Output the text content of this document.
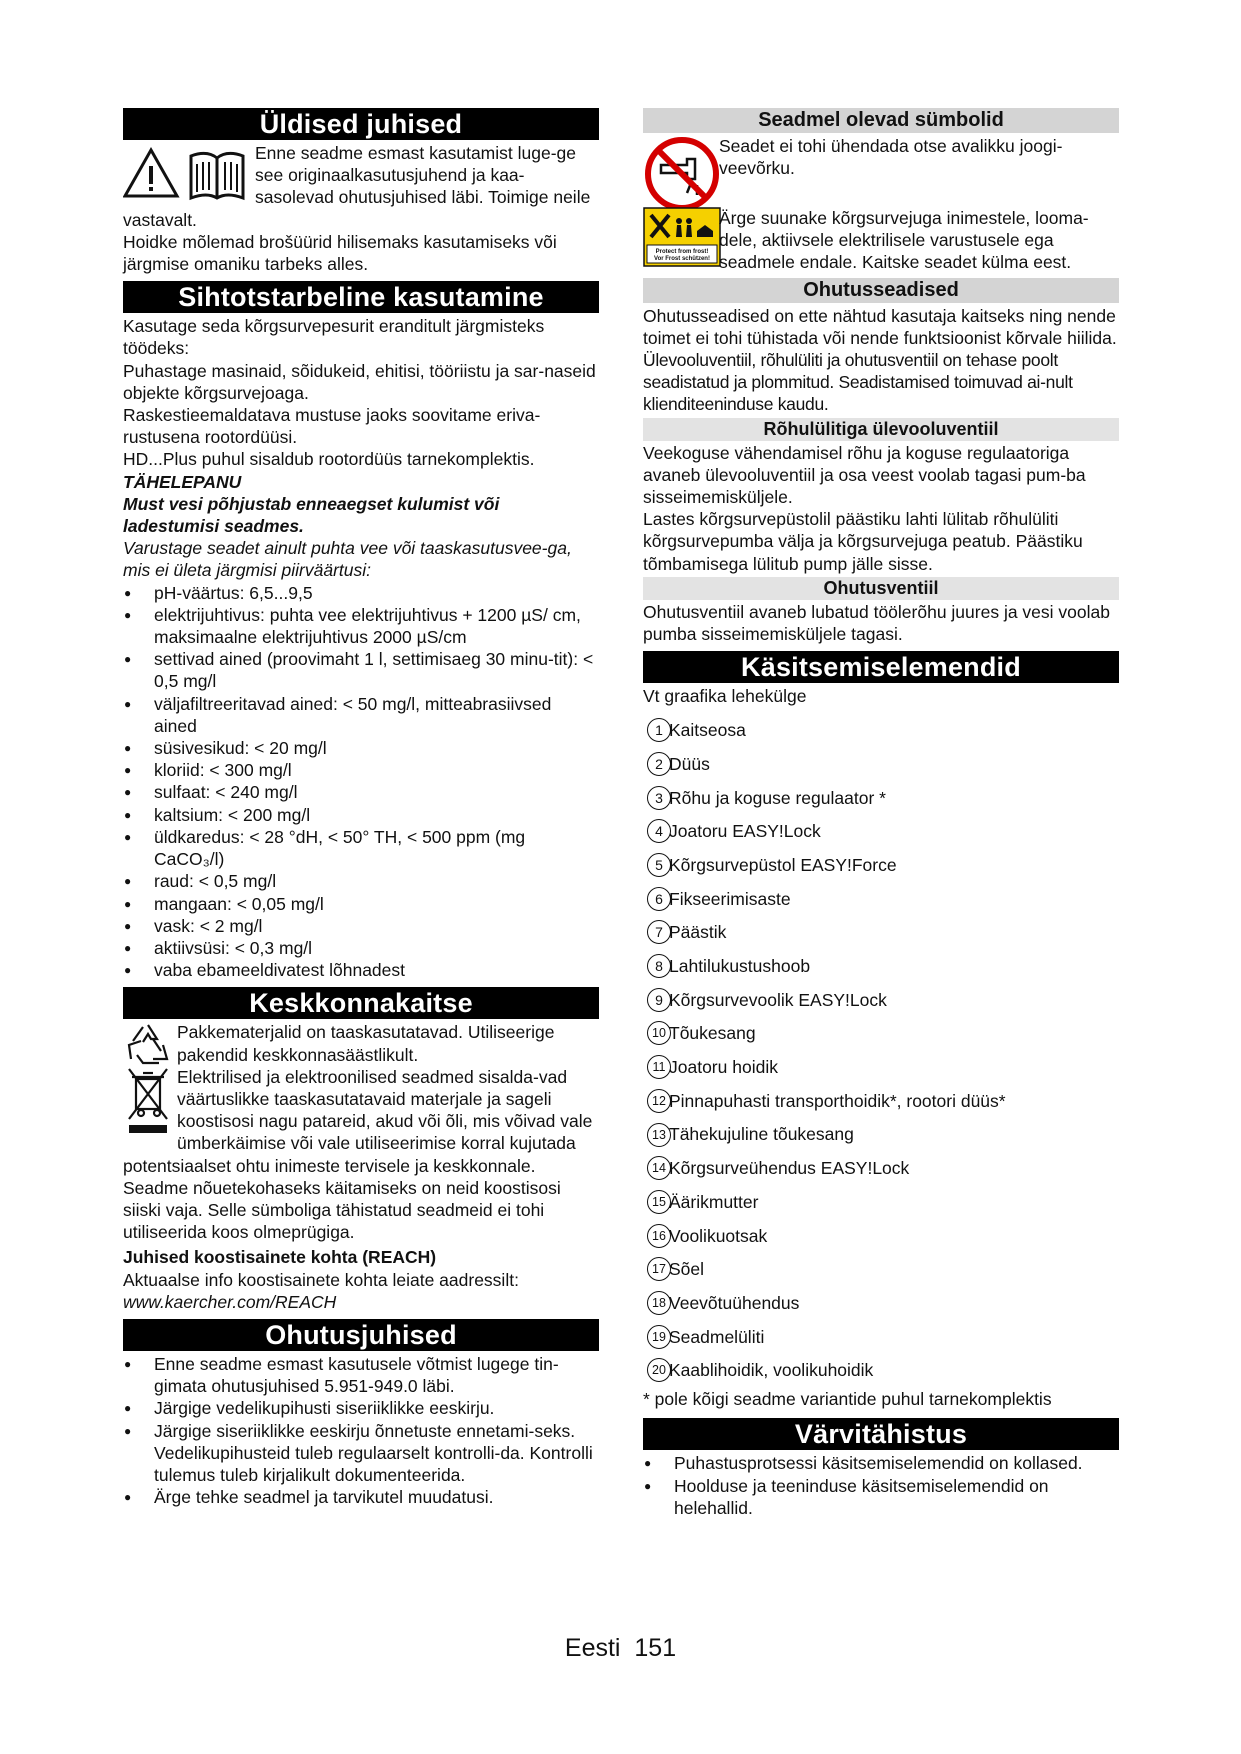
Üldised juhised

Enne seadme esmast kasutamist luge-ge see originaalkasutusjuhend ja kaa-sasolevad ohutusjuhised läbi. Toimige neile vastavalt.

Hoidke mõlemad brošüürid hilisemaks kasutamiseks või järgmise omaniku tarbeks alles.

Sihtotstarbeline kasutamine

Kasutage seda kõrgsurvepesurit eranditult järgmisteks töödeks:

Puhastage masinaid, sõidukeid, ehitisi, tööriistu ja sar-naseid objekte kõrgsurvejoaga.

Raskestieemaldatava mustuse jaoks soovitame eriva-rustusena rootordüüsi.

HD...Plus puhul sisaldub rootordüüs tarnekomplektis.

TÄHELEPANU

Must vesi põhjustab enneaegset kulumist või ladestumisi seadmes.

Varustage seadet ainult puhta vee või taaskasutusvee-ga, mis ei ületa järgmisi piirväärtusi:

● pH-väärtus: 6,5...9,5
● elektrijuhtivus: puhta vee elektrijuhtivus + 1200 µS/ cm, maksimaalne elektrijuhtivus 2000 µS/cm
● settivad ained (proovimaht 1 l, settimisaeg 30 minu-tit): < 0,5 mg/l
● väljafiltreeritavad ained: < 50 mg/l, mitteabrasiivsed ained
● süsivesikud: < 20 mg/l
● kloriid: < 300 mg/l
● sulfaat: < 240 mg/l
● kaltsium: < 200 mg/l
● üldkaredus: < 28 °dH, < 50° TH, < 500 ppm (mg CaCO₃/l)
● raud: < 0,5 mg/l
● mangaan: < 0,05 mg/l
● vask: < 2 mg/l
● aktiivsüsi: < 0,3 mg/l
● vaba ebameeldivatest lõhnadest
Keskkonnakaitse

Pakkematerjalid on taaskasutatavad. Utiliseerige pakendid keskkonnasäästlikult.

Elektrilised ja elektroonilised seadmed sisalda-vad väärtuslikke taaskasutatavaid materjale ja sageli koostisosi nagu patareid, akud või õli, mis võivad vale ümberkäimise või vale utiliseerimise korral kujutada potentsiaalset ohtu inimeste tervisele ja keskkonnale. Seadme nõuetekohaseks käitamiseks on neid koostisosi siiski vaja. Selle sümboliga tähistatud seadmeid ei tohi utiliseerida koos olmeprügiga.

Juhised koostisainete kohta (REACH)

Aktuaalse info koostisainete kohta leiate aadressilt:

www.kaercher.com/REACH

Ohutusjuhised
● Enne seadme esmast kasutusele võtmist lugege tin-gimata ohutusjuhised 5.951-949.0 läbi.
● Järgige vedelikupihusti siseriiklikke eeskirju.
● Järgige siseriiklikke eeskirju õnnetuste ennetami-seks. Vedelikupihusteid tuleb regulaarselt kontrolli-da. Kontrolli tulemus tuleb kirjalikult dokumenteerida.
● Ärge tehke seadmel ja tarvikutel muudatusi.
Seadmel olevad sümbolid

Seadet ei tohi ühendada otse avalikku joogi-veevõrku.

Protect from frost!
Vor Frost schützen!

Ärge suunake kõrgsurvejuga inimestele, looma-dele, aktiivsele elektrilisele varustusele ega seadmele endale. Kaitske seadet külma eest.

Ohutusseadised

Ohutusseadised on ette nähtud kasutaja kaitseks ning nende toimet ei tohi tühistada või nende funktsioonist kõrvale hiilida.

Ülevooluventiil, rõhulüliti ja ohutusventiil on tehase poolt seadistatud ja plommitud. Seadistamised toimuvad ai-nult klienditeeninduse kaudu.

Rõhulülitiga ülevooluventiil

Veekoguse vähendamisel rõhu ja koguse regulaatoriga avaneb ülevooluventiil ja osa veest voolab tagasi pum-ba sisseimemisküljele.

Lastes kõrgsurvepüstolil päästiku lahti lülitab rõhulüliti kõrgsurvepumba välja ja kõrgsurvejuga peatub. Päästiku tõmbamisega lülitub pump jälle sisse.

Ohutusventiil

Ohutusventiil avaneb lubatud töölerõhu juures ja vesi voolab pumba sisseimemisküljele tagasi.

Käsitsemiselemendid

Vt graafika lehekülge

1 Kaitseosa
2 Düüs
3 Rõhu ja koguse regulaator *
4 Joatoru EASY!Lock
5 Kõrgsurvepüstol EASY!Force
6 Fikseerimisaste
7 Päästik
8 Lahtilukustushoob
9 Kõrgsurvevoolik EASY!Lock
10 Tõukesang
11 Joatoru hoidik
12 Pinnapuhasti transporthoidik*, rootori düüs*
13 Tähekujuline tõukesang
14 Kõrgsurveühendus EASY!Lock
15 Äärikmutter
16 Voolikuotsak
17 Sõel
18 Veevõtuühendus
19 Seadmelüliti
20 Kaablihoidik, voolikuhoidik

* pole kõigi seadme variantide puhul tarnekomplektis

Värvitähistus
● Puhastusprotsessi käsitsemiselemendid on kollased.
● Hoolduse ja teeninduse käsitsemiselemendid on helehallid.
Eesti 151
